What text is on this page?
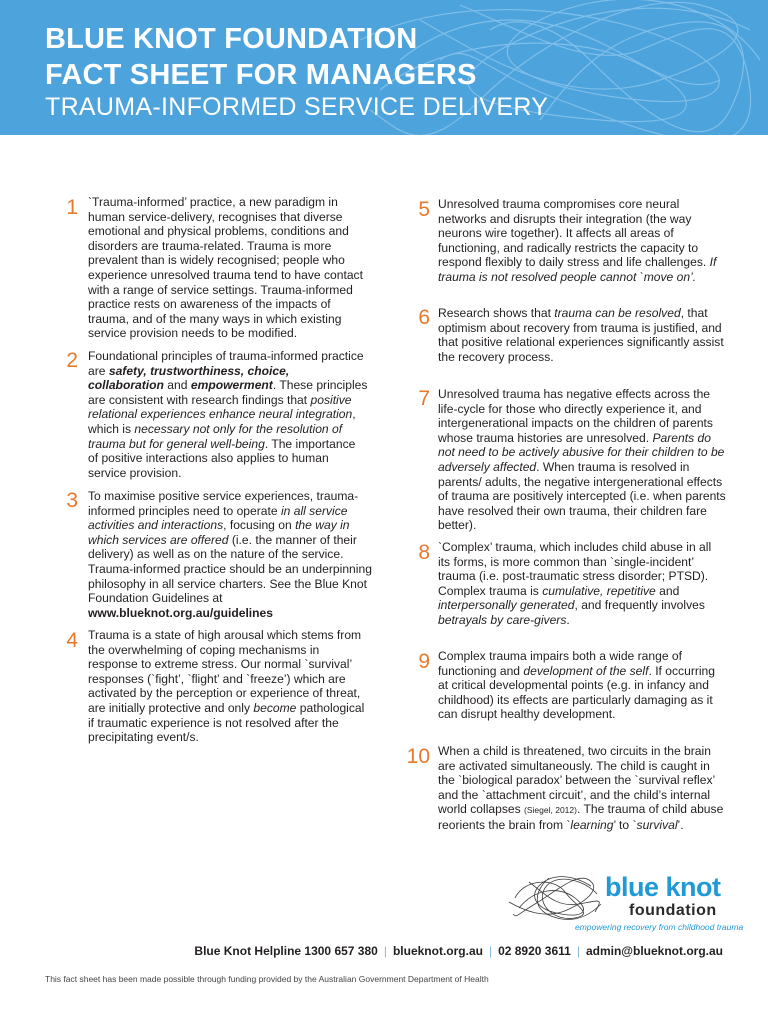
BLUE KNOT FOUNDATION
FACT SHEET FOR MANAGERS
TRAUMA-INFORMED SERVICE DELIVERY
1 `Trauma-informed’ practice, a new paradigm in human service-delivery, recognises that diverse emotional and physical problems, conditions and disorders are trauma-related. Trauma is more prevalent than is widely recognised; people who experience unresolved trauma tend to have contact with a range of service settings. Trauma-informed practice rests on awareness of the impacts of trauma, and of the many ways in which existing service provision needs to be modified.
2 Foundational principles of trauma-informed practice are safety, trustworthiness, choice, collaboration and empowerment. These principles are consistent with research findings that positive relational experiences enhance neural integration, which is necessary not only for the resolution of trauma but for general well-being. The importance of positive interactions also applies to human service provision.
3 To maximise positive service experiences, trauma-informed principles need to operate in all service activities and interactions, focusing on the way in which services are offered (i.e. the manner of their delivery) as well as on the nature of the service. Trauma-informed practice should be an underpinning philosophy in all service charters. See the Blue Knot Foundation Guidelines at www.blueknot.org.au/guidelines
4 Trauma is a state of high arousal which stems from the overwhelming of coping mechanisms in response to extreme stress. Our normal `survival’ responses (`fight’, `flight’ and `freeze’) which are activated by the perception or experience of threat, are initially protective and only become pathological if traumatic experience is not resolved after the precipitating event/s.
5 Unresolved trauma compromises core neural networks and disrupts their integration (the way neurons wire together). It affects all areas of functioning, and radically restricts the capacity to respond flexibly to daily stress and life challenges. If trauma is not resolved people cannot `move on’.
6 Research shows that trauma can be resolved, that optimism about recovery from trauma is justified, and that positive relational experiences significantly assist the recovery process.
7 Unresolved trauma has negative effects across the life-cycle for those who directly experience it, and intergenerational impacts on the children of parents whose trauma histories are unresolved. Parents do not need to be actively abusive for their children to be adversely affected. When trauma is resolved in parents/ adults, the negative intergenerational effects of trauma are positively intercepted (i.e. when parents have resolved their own trauma, their children fare better).
8 `Complex’ trauma, which includes child abuse in all its forms, is more common than `single-incident’ trauma (i.e. post-traumatic stress disorder; PTSD). Complex trauma is cumulative, repetitive and interpersonally generated, and frequently involves betrayals by care-givers.
9 Complex trauma impairs both a wide range of functioning and development of the self. If occurring at critical developmental points (e.g. in infancy and childhood) its effects are particularly damaging as it can disrupt healthy development.
10 When a child is threatened, two circuits in the brain are activated simultaneously. The child is caught in the `biological paradox’ between the `survival reflex’ and the `attachment circuit’, and the child’s internal world collapses (Siegel, 2012). The trauma of child abuse reorients the brain from `learning’ to `survival’.
blue knot
foundation
empowering recovery from childhood trauma
Blue Knot Helpline 1300 657 380 | blueknot.org.au | 02 8920 3611 | admin@blueknot.org.au
This fact sheet has been made possible through funding provided by the Australian Government Department of Health
